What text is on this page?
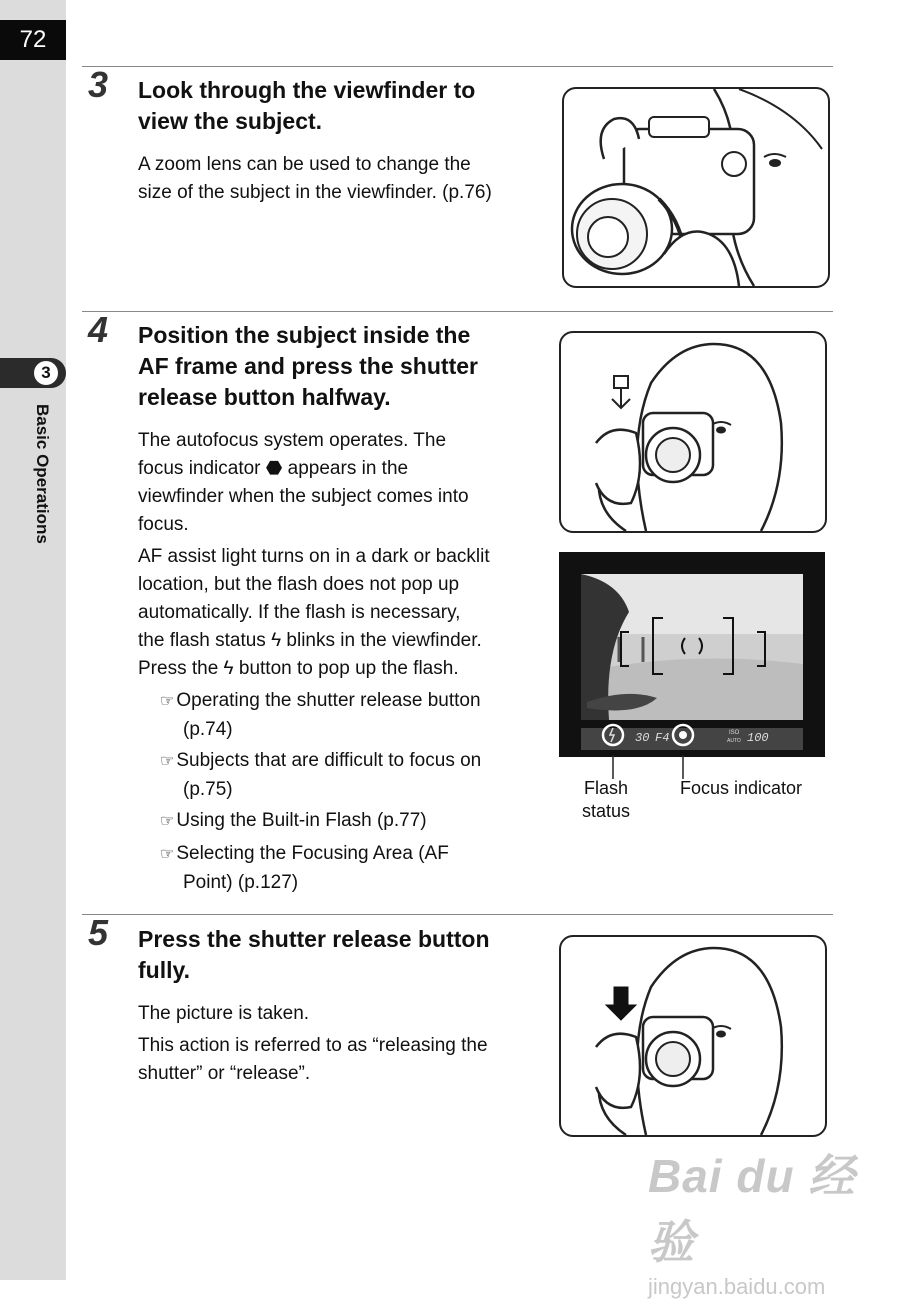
72
3
Basic Operations
3 Look through the viewfinder to
view the subject.
A zoom lens can be used to change the
size of the subject in the viewfinder. (p.76)
4 Position the subject inside the
AF frame and press the shutter
release button halfway.
The autofocus system operates. The
focus indicator ⬣ appears in the
viewfinder when the subject comes into
focus.
AF assist light turns on in a dark or backlit
location, but the flash does not pop up
automatically. If the flash is necessary,
the flash status ϟ blinks in the viewfinder.
Press the ϟ button to pop up the flash.
☞ Operating the shutter release button
(p.74)
☞ Subjects that are difficult to focus on
(p.75)
☞ Using the Built-in Flash (p.77)
☞ Selecting the Focusing Area (AF
Point) (p.127)
30 F4	ISO
AUTO 100
Flash
status
Focus indicator
5 Press the shutter release button
fully.
The picture is taken.
This action is referred to as “releasing the
shutter” or “release”.
Bai du 经验
jingyan.baidu.com
